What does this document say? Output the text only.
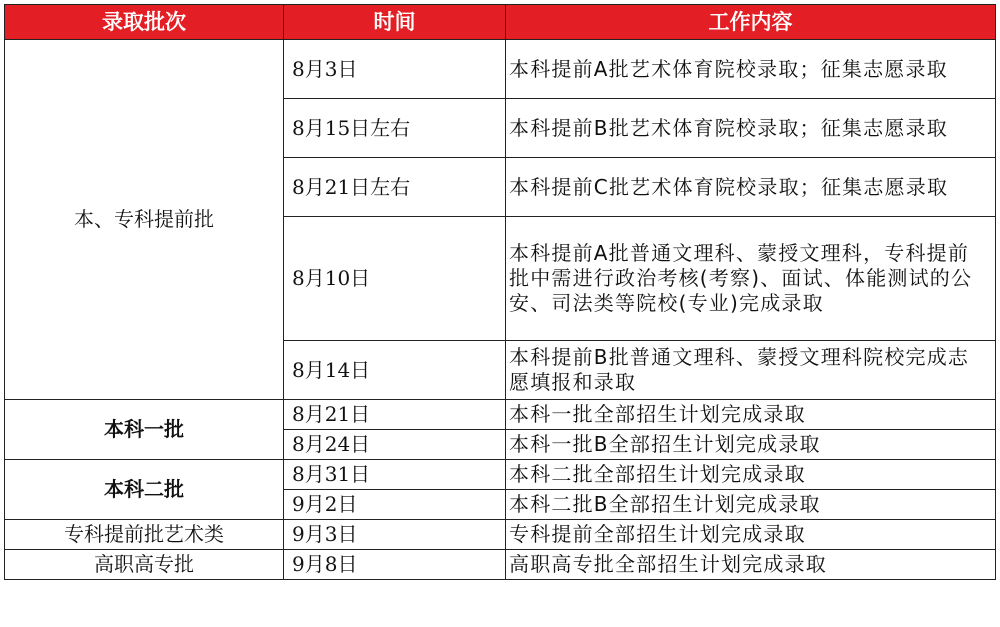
录取批次	时间	工作内容
本、专科提前批	8月3日	本科提前A批艺术体育院校录取；征集志愿录取
	8月15日左右	本科提前B批艺术体育院校录取；征集志愿录取
	8月21日左右	本科提前C批艺术体育院校录取；征集志愿录取
	8月10日	本科提前A批普通文理科、蒙授文理科，专科提前批中需进行政治考核(考察)、面试、体能测试的公安、司法类等院校(专业)完成录取
	8月14日	本科提前B批普通文理科、蒙授文理科院校完成志愿填报和录取
本科一批	8月21日	本科一批全部招生计划完成录取
	8月24日	本科一批B全部招生计划完成录取
本科二批	8月31日	本科二批全部招生计划完成录取
	9月2日	本科二批B全部招生计划完成录取
专科提前批艺术类	9月3日	专科提前全部招生计划完成录取
高职高专批	9月8日	高职高专批全部招生计划完成录取
